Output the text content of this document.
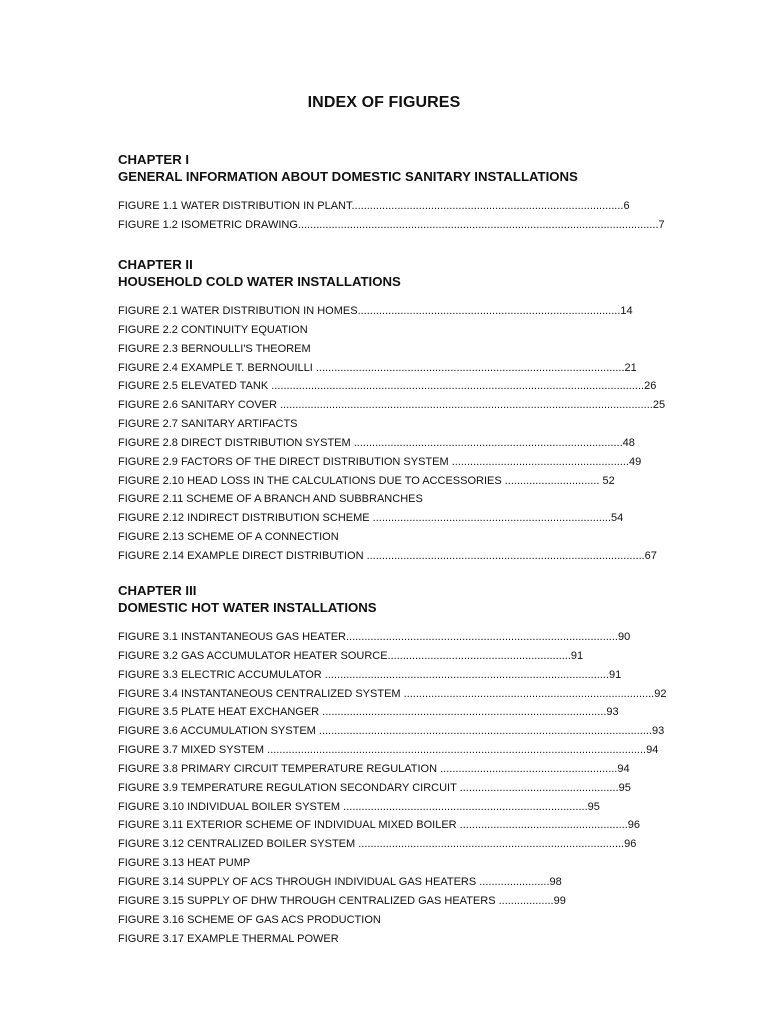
INDEX OF FIGURES
CHAPTER I
GENERAL INFORMATION ABOUT DOMESTIC SANITARY INSTALLATIONS
FIGURE 1.1 WATER DISTRIBUTION IN PLANT.........................................................................................6
FIGURE 1.2 ISOMETRIC DRAWING......................................................................................................................7
CHAPTER II
HOUSEHOLD COLD WATER INSTALLATIONS
FIGURE 2.1 WATER DISTRIBUTION IN HOMES......................................................................................14
FIGURE 2.2 CONTINUITY EQUATION
FIGURE 2.3 BERNOULLI'S THEOREM
FIGURE 2.4 EXAMPLE T. BERNOUILLI .....................................................................................................21
FIGURE 2.5 ELEVATED TANK ..........................................................................................................................26
FIGURE 2.6 SANITARY COVER ..........................................................................................................................25
FIGURE 2.7 SANITARY ARTIFACTS
FIGURE 2.8 DIRECT DISTRIBUTION SYSTEM ........................................................................................48
FIGURE 2.9 FACTORS OF THE DIRECT DISTRIBUTION SYSTEM ..........................................................49
FIGURE 2.10 HEAD LOSS IN THE CALCULATIONS DUE TO ACCESSORIES ............................... 52
FIGURE 2.11 SCHEME OF A BRANCH AND SUBBRANCHES
FIGURE 2.12 INDIRECT DISTRIBUTION SCHEME ..............................................................................54
FIGURE 2.13 SCHEME OF A CONNECTION
FIGURE 2.14 EXAMPLE DIRECT DISTRIBUTION ...........................................................................................67
CHAPTER III
DOMESTIC HOT WATER INSTALLATIONS
FIGURE 3.1 INSTANTANEOUS GAS HEATER.........................................................................................90
FIGURE 3.2 GAS ACCUMULATOR HEATER SOURCE............................................................91
FIGURE 3.3 ELECTRIC ACCUMULATOR .............................................................................................91
FIGURE 3.4 INSTANTANEOUS CENTRALIZED SYSTEM ..................................................................................92
FIGURE 3.5 PLATE HEAT EXCHANGER .............................................................................................93
FIGURE 3.6 ACCUMULATION SYSTEM .............................................................................................................93
FIGURE 3.7 MIXED SYSTEM ............................................................................................................................94
FIGURE 3.8 PRIMARY CIRCUIT TEMPERATURE REGULATION ..........................................................94
FIGURE 3.9 TEMPERATURE REGULATION SECONDARY CIRCUIT ....................................................95
FIGURE 3.10 INDIVIDUAL BOILER SYSTEM ................................................................................95
FIGURE 3.11 EXTERIOR SCHEME OF INDIVIDUAL MIXED BOILER .......................................................96
FIGURE 3.12 CENTRALIZED BOILER SYSTEM .......................................................................................96
FIGURE 3.13 HEAT PUMP
FIGURE 3.14 SUPPLY OF ACS THROUGH INDIVIDUAL GAS HEATERS .......................98
FIGURE 3.15 SUPPLY OF DHW THROUGH CENTRALIZED GAS HEATERS ..................99
FIGURE 3.16 SCHEME OF GAS ACS PRODUCTION
FIGURE 3.17 EXAMPLE THERMAL POWER
